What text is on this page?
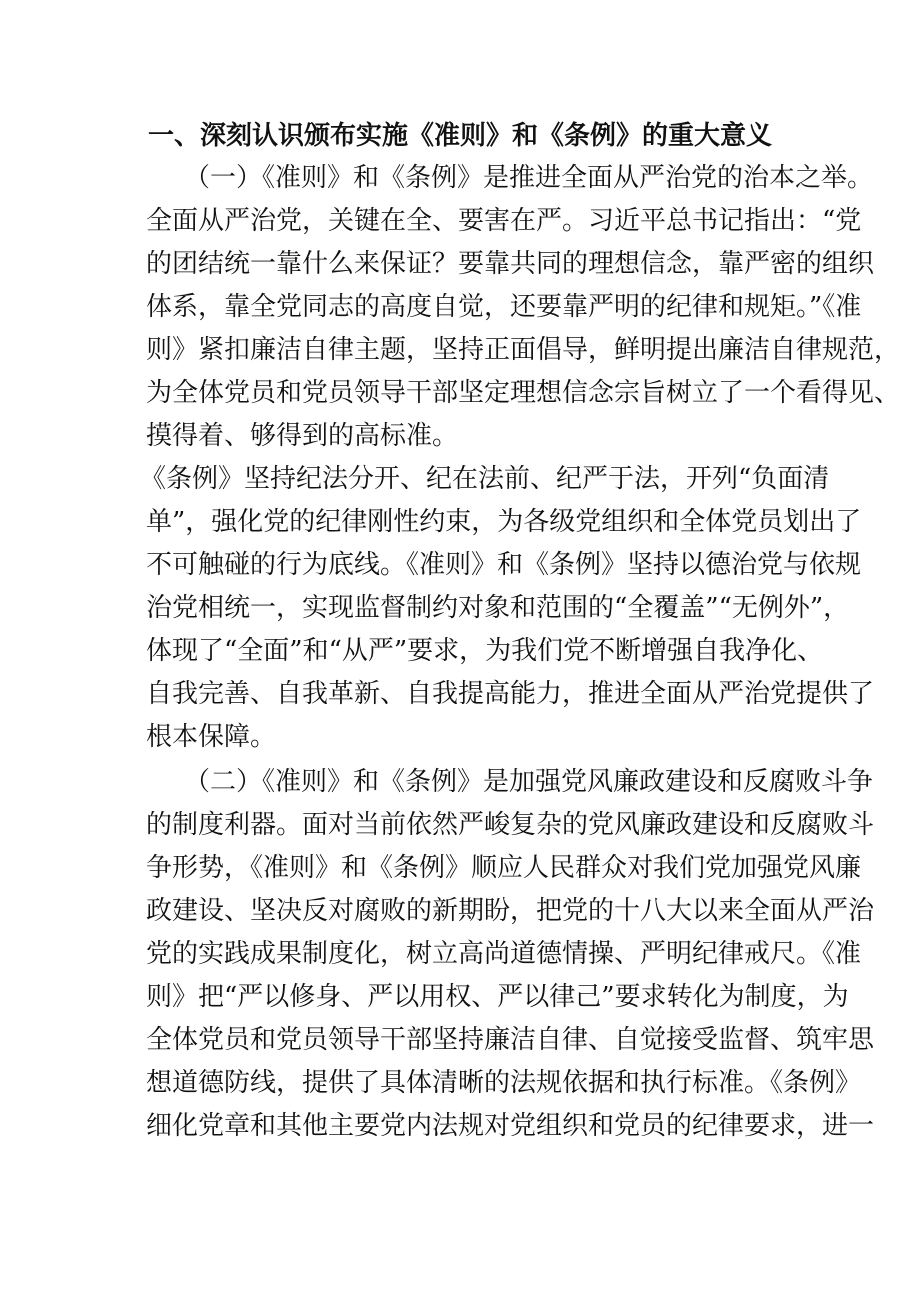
一、深刻认识颁布实施《准则》和《条例》的重大意义
（一）《准则》和《条例》是推进全面从严治党的治本之举。
全面从严治党，关键在全、要害在严。习近平总书记指出：“党
的团结统一靠什么来保证？要靠共同的理想信念，靠严密的组织
体系，靠全党同志的高度自觉，还要靠严明的纪律和规矩。”《准
则》紧扣廉洁自律主题，坚持正面倡导，鲜明提出廉洁自律规范，
为全体党员和党员领导干部坚定理想信念宗旨树立了一个看得见、
摸得着、够得到的高标准。
《条例》坚持纪法分开、纪在法前、纪严于法，开列“负面清
单”，强化党的纪律刚性约束，为各级党组织和全体党员划出了
不可触碰的行为底线。《准则》和《条例》坚持以德治党与依规
治党相统一，实现监督制约对象和范围的“全覆盖”“无例外”，
体现了“全面”和“从严”要求，为我们党不断增强自我净化、
自我完善、自我革新、自我提高能力，推进全面从严治党提供了
根本保障。
（二）《准则》和《条例》是加强党风廉政建设和反腐败斗争
的制度利器。面对当前依然严峻复杂的党风廉政建设和反腐败斗
争形势，《准则》和《条例》顺应人民群众对我们党加强党风廉
政建设、坚决反对腐败的新期盼，把党的十八大以来全面从严治
党的实践成果制度化，树立高尚道德情操、严明纪律戒尺。《准
则》把“严以修身、严以用权、严以律己”要求转化为制度，为
全体党员和党员领导干部坚持廉洁自律、自觉接受监督、筑牢思
想道德防线，提供了具体清晰的法规依据和执行标准。《条例》
细化党章和其他主要党内法规对党组织和党员的纪律要求，进一
